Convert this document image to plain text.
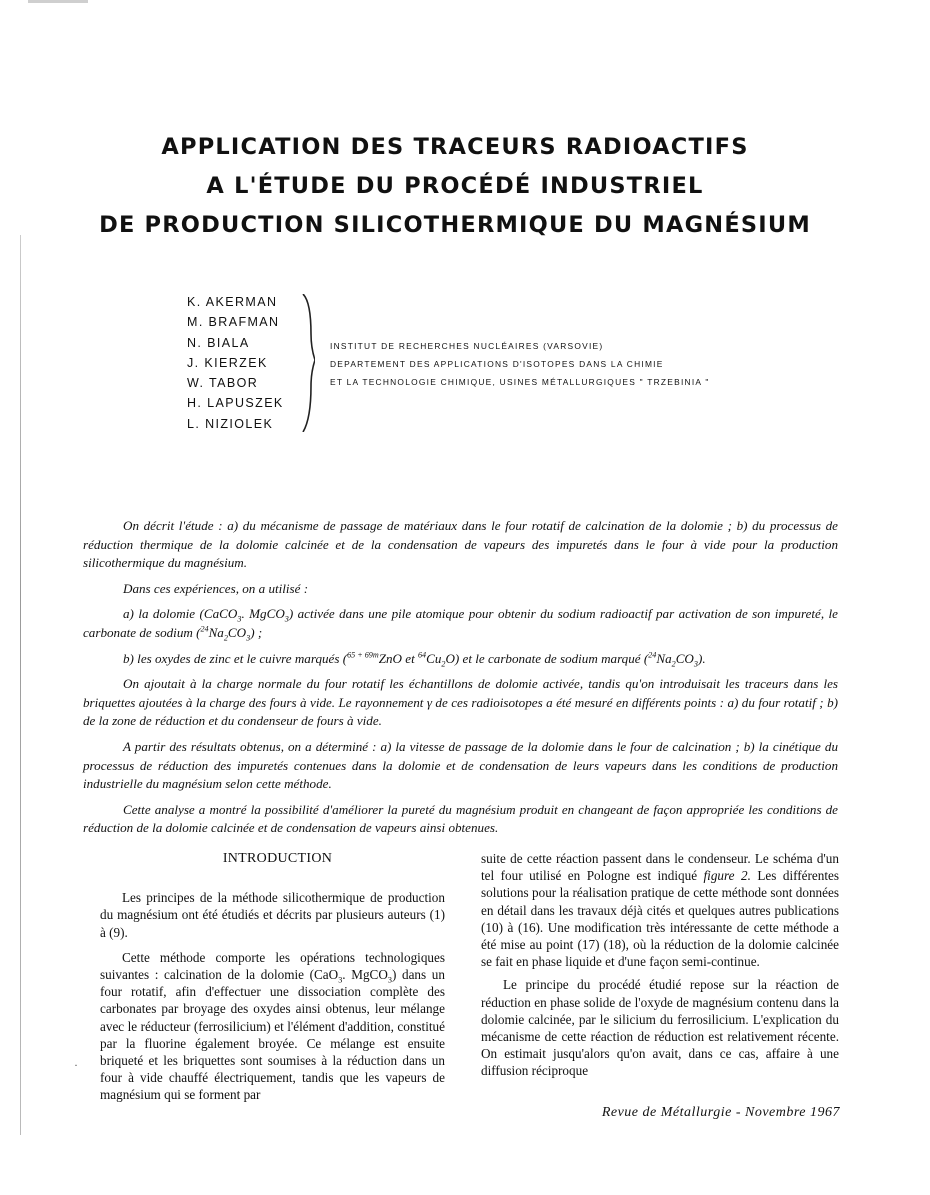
APPLICATION DES TRACEURS RADIOACTIFS
A L'ÉTUDE DU PROCÉDÉ INDUSTRIEL
DE PRODUCTION SILICOTHERMIQUE DU MAGNÉSIUM
K. AKERMAN
M. BRAFMAN
N. BIALA
J. KIERZEK
W. TABOR
H. LAPUSZEK
L. NIZIOLEK
INSTITUT DE RECHERCHES NUCLÉAIRES (VARSOVIE)
DEPARTEMENT DES APPLICATIONS D'ISOTOPES DANS LA CHIMIE
ET LA TECHNOLOGIE CHIMIQUE, USINES MÉTALLURGIQUES " TRZEBINIA "

On décrit l'étude : a) du mécanisme de passage de matériaux dans le four rotatif de calcination de la dolomie ; b) du processus de réduction thermique de la dolomie calcinée et de la condensation de vapeurs des impuretés dans le four à vide pour la production silicothermique du magnésium.

Dans ces expériences, on a utilisé :

a) la dolomie (CaCO$_3$. MgCO$_3$) activée dans une pile atomique pour obtenir du sodium radioactif par activation de son impureté, le carbonate de sodium $(^{24}Na_2CO_3)$ ;

b) les oxydes de zinc et le cuivre marqués ($^{65 + 69m}$ZnO et $^{64}Cu_2O$) et le carbonate de sodium marqué $(^{24}Na_2CO_3)$.

On ajoutait à la charge normale du four rotatif les échantillons de dolomie activée, tandis qu'on introduisait les traceurs dans les briquettes ajoutées à la charge des fours à vide. Le rayonnement γ de ces radioisotopes a été mesuré en différents points : a) du four rotatif ; b) de la zone de réduction et du condenseur de fours à vide.

A partir des résultats obtenus, on a déterminé : a) la vitesse de passage de la dolomie dans le four de calcination ; b) la cinétique du processus de réduction des impuretés contenues dans la dolomie et de condensation de leurs vapeurs dans les conditions de production industrielle du magnésium selon cette méthode.

Cette analyse a montré la possibilité d'améliorer la pureté du magnésium produit en changeant de façon appropriée les conditions de réduction de la dolomie calcinée et de condensation de vapeurs ainsi obtenues.

INTRODUCTION

Les principes de la méthode silicothermique de production du magnésium ont été étudiés et décrits par plusieurs auteurs (1) à (9).

Cette méthode comporte les opérations technologiques suivantes : calcination de la dolomie (CaO$_3$. MgCO$_3$) dans un four rotatif, afin d'effectuer une dissociation complète des carbonates par broyage des oxydes ainsi obtenus, leur mélange avec le réducteur (ferrosilicium) et l'élément d'addition, constitué par la fluorine également broyée. Ce mélange est ensuite briqueté et les briquettes sont soumises à la réduction dans un four à vide chauffé électriquement, tandis que les vapeurs de magnésium qui se forment par

·

suite de cette réaction passent dans le condenseur. Le schéma d'un tel four utilisé en Pologne est indiqué figure 2. Les différentes solutions pour la réalisation pratique de cette méthode sont données en détail dans les travaux déjà cités et quelques autres publications (10) à (16). Une modification très intéressante de cette méthode a été mise au point (17) (18), où la réduction de la dolomie calcinée se fait en phase liquide et d'une façon semi-continue.

Le principe du procédé étudié repose sur la réaction de réduction en phase solide de l'oxyde de magnésium contenu dans la dolomie calcinée, par le silicium du ferrosilicium. L'explication du mécanisme de cette réaction de réduction est relativement récente. On estimait jusqu'alors qu'on avait, dans ce cas, affaire à une diffusion réciproque

Revue de Métallurgie - Novembre 1967
